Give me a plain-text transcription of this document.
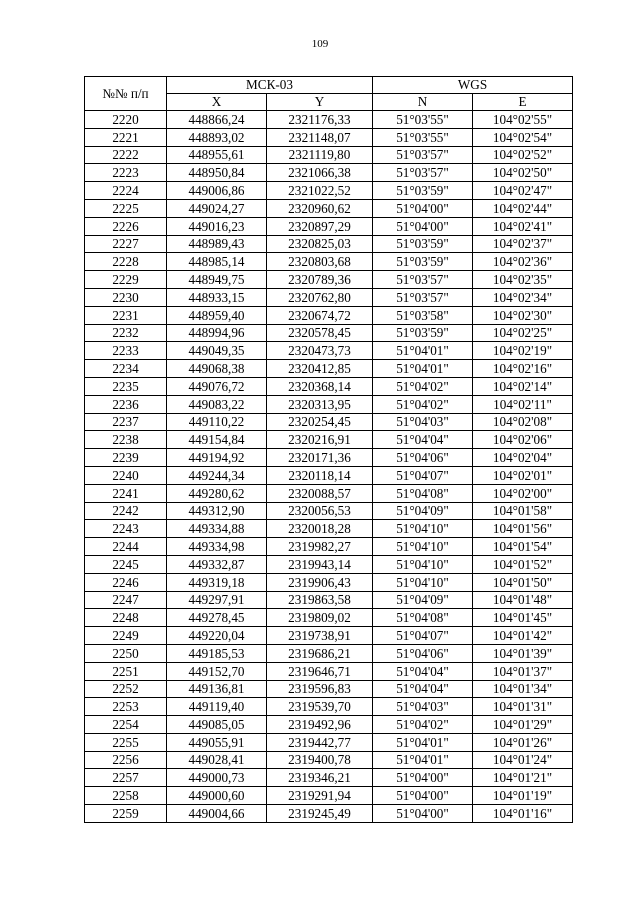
109
№№ п/п	МСК-03		WGS	
	X	Y	N	E
2220	448866,24	2321176,33	51°03'55"	104°02'55"
2221	448893,02	2321148,07	51°03'55"	104°02'54"
2222	448955,61	2321119,80	51°03'57"	104°02'52"
2223	448950,84	2321066,38	51°03'57"	104°02'50"
2224	449006,86	2321022,52	51°03'59"	104°02'47"
2225	449024,27	2320960,62	51°04'00"	104°02'44"
2226	449016,23	2320897,29	51°04'00"	104°02'41"
2227	448989,43	2320825,03	51°03'59"	104°02'37"
2228	448985,14	2320803,68	51°03'59"	104°02'36"
2229	448949,75	2320789,36	51°03'57"	104°02'35"
2230	448933,15	2320762,80	51°03'57"	104°02'34"
2231	448959,40	2320674,72	51°03'58"	104°02'30"
2232	448994,96	2320578,45	51°03'59"	104°02'25"
2233	449049,35	2320473,73	51°04'01"	104°02'19"
2234	449068,38	2320412,85	51°04'01"	104°02'16"
2235	449076,72	2320368,14	51°04'02"	104°02'14"
2236	449083,22	2320313,95	51°04'02"	104°02'11"
2237	449110,22	2320254,45	51°04'03"	104°02'08"
2238	449154,84	2320216,91	51°04'04"	104°02'06"
2239	449194,92	2320171,36	51°04'06"	104°02'04"
2240	449244,34	2320118,14	51°04'07"	104°02'01"
2241	449280,62	2320088,57	51°04'08"	104°02'00"
2242	449312,90	2320056,53	51°04'09"	104°01'58"
2243	449334,88	2320018,28	51°04'10"	104°01'56"
2244	449334,98	2319982,27	51°04'10"	104°01'54"
2245	449332,87	2319943,14	51°04'10"	104°01'52"
2246	449319,18	2319906,43	51°04'10"	104°01'50"
2247	449297,91	2319863,58	51°04'09"	104°01'48"
2248	449278,45	2319809,02	51°04'08"	104°01'45"
2249	449220,04	2319738,91	51°04'07"	104°01'42"
2250	449185,53	2319686,21	51°04'06"	104°01'39"
2251	449152,70	2319646,71	51°04'04"	104°01'37"
2252	449136,81	2319596,83	51°04'04"	104°01'34"
2253	449119,40	2319539,70	51°04'03"	104°01'31"
2254	449085,05	2319492,96	51°04'02"	104°01'29"
2255	449055,91	2319442,77	51°04'01"	104°01'26"
2256	449028,41	2319400,78	51°04'01"	104°01'24"
2257	449000,73	2319346,21	51°04'00"	104°01'21"
2258	449000,60	2319291,94	51°04'00"	104°01'19"
2259	449004,66	2319245,49	51°04'00"	104°01'16"
